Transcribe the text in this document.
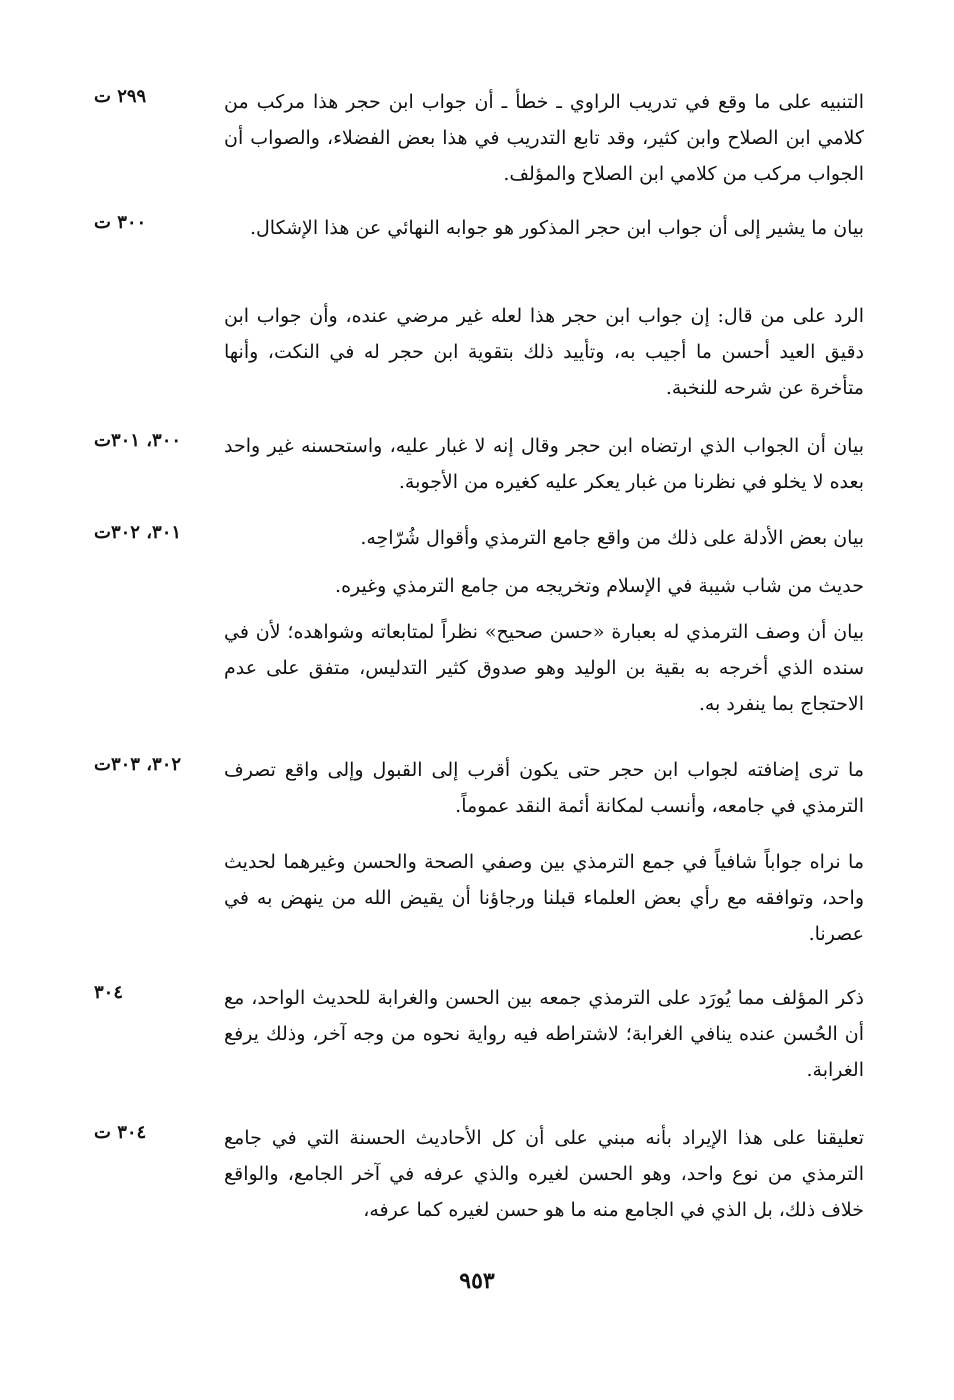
٢٩٩ ت	التنبيه على ما وقع في تدريب الراوي ـ خطأ ـ أن جواب ابن حجر هذا مركب من كلامي ابن الصلاح وابن كثير، وقد تابع التدريب في هذا بعض الفضلاء، والصواب أن الجواب مركب من كلامي ابن الصلاح والمؤلف.
٣٠٠ ت	بيان ما يشير إلى أن جواب ابن حجر المذكور هو جوابه النهائي عن هذا الإشكال.
الرد على من قال: إن جواب ابن حجر هذا لعله غير مرضي عنده، وأن جواب ابن دقيق العيد أحسن ما أجيب به، وتأييد ذلك بتقوية ابن حجر له في النكت، وأنها متأخرة عن شرحه للنخبة.
٣٠٠، ٣٠١ت	بيان أن الجواب الذي ارتضاه ابن حجر وقال إنه لا غبار عليه، واستحسنه غير واحد بعده لا يخلو في نظرنا من غبار يعكر عليه كغيره من الأجوبة.
٣٠١، ٣٠٢ت	بيان بعض الأدلة على ذلك من واقع جامع الترمذي وأقوال شُرّاحِه.
حديث من شاب شيبة في الإسلام وتخريجه من جامع الترمذي وغيره.
بيان أن وصف الترمذي له بعبارة «حسن صحيح» نظراً لمتابعاته وشواهده؛ لأن في سنده الذي أخرجه به بقية بن الوليد وهو صدوق كثير التدليس، متفق على عدم الاحتجاج بما ينفرد به.
٣٠٢، ٣٠٣ت	ما ترى إضافته لجواب ابن حجر حتى يكون أقرب إلى القبول وإلى واقع تصرف الترمذي في جامعه، وأنسب لمكانة أئمة النقد عموماً.
ما نراه جواباً شافياً في جمع الترمذي بين وصفي الصحة والحسن وغيرهما لحديث واحد، وتوافقه مع رأي بعض العلماء قبلنا ورجاؤنا أن يقيض الله من ينهض به في عصرنا.
٣٠٤	ذكر المؤلف مما يُورَد على الترمذي جمعه بين الحسن والغرابة للحديث الواحد، مع أن الحُسن عنده ينافي الغرابة؛ لاشتراطه فيه رواية نحوه من وجه آخر، وذلك يرفع الغرابة.
٣٠٤ ت	تعليقنا على هذا الإيراد بأنه مبني على أن كل الأحاديث الحسنة التي في جامع الترمذي من نوع واحد، وهو الحسن لغيره والذي عرفه في آخر الجامع، والواقع خلاف ذلك، بل الذي في الجامع منه ما هو حسن لغيره كما عرفه،
٩٥٣
